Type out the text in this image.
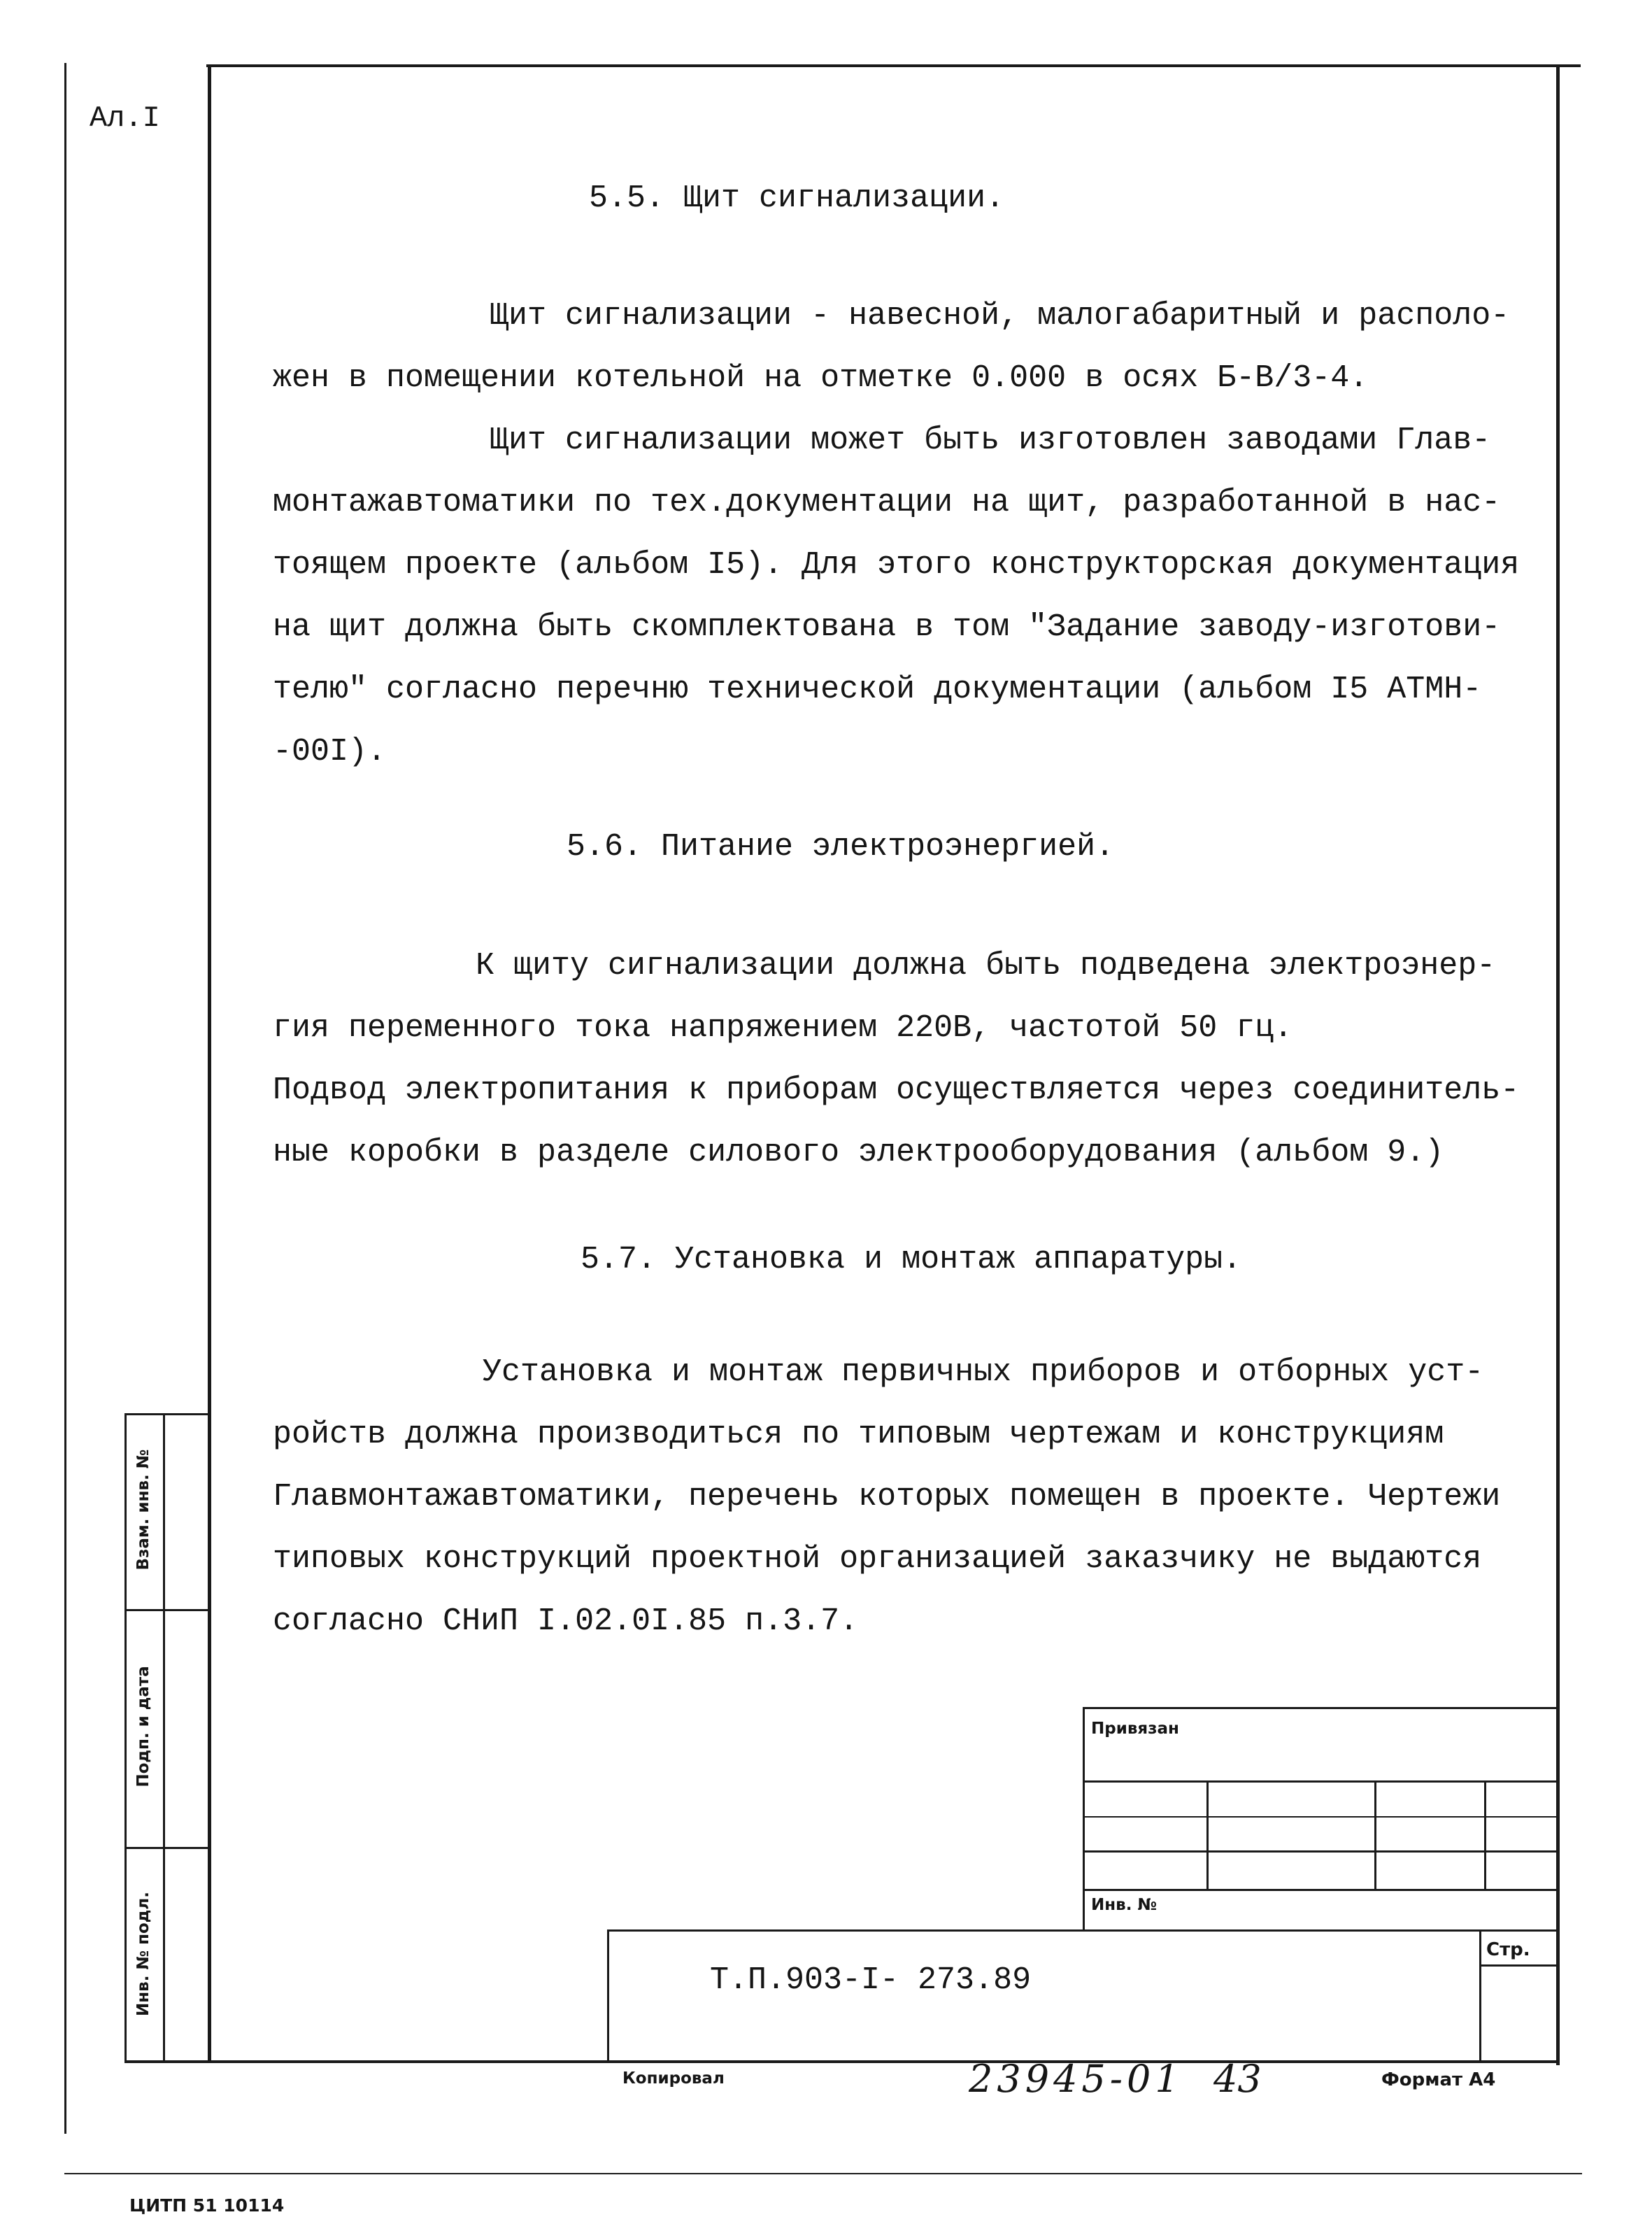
Ал.I
5.5. Щит сигнализации.
Щит сигнализации - навесной, малогабаритный и располо-
жен в помещении котельной на отметке 0.000 в осях Б-В/3-4.
Щит сигнализации может быть изготовлен заводами Глав-
монтажавтоматики по тех.документации на щит, разработанной в нас-
тоящем проекте (альбом I5). Для этого конструкторская документация
на щит должна быть скомплектована в том "Задание заводу-изготови-
телю" согласно перечню технической документации (альбом I5 АТМН-
-00I).
5.6. Питание электроэнергией.
К щиту сигнализации должна быть подведена электроэнер-
гия переменного тока напряжением 220В, частотой 50 гц.
Подвод электропитания к приборам осуществляется через соединитель-
ные коробки в разделе силового электрооборудования (альбом 9.)
5.7. Установка и монтаж аппаратуры.
Установка и монтаж первичных приборов и отборных уст-
ройств должна производиться по типовым чертежам и конструкциям
Главмонтажавтоматики, перечень которых помещен в проекте. Чертежи
типовых конструкций проектной организацией заказчику не выдаются
согласно СНиП I.02.0I.85 п.3.7.
Взам. инв. №
Подп. и дата
Инв. № подл.
Привязан
Инв. №
Стр.
Т.П.903-I- 273.89
Копировал	23945-01 43	Формат А4
ЦИТП 51 10114
